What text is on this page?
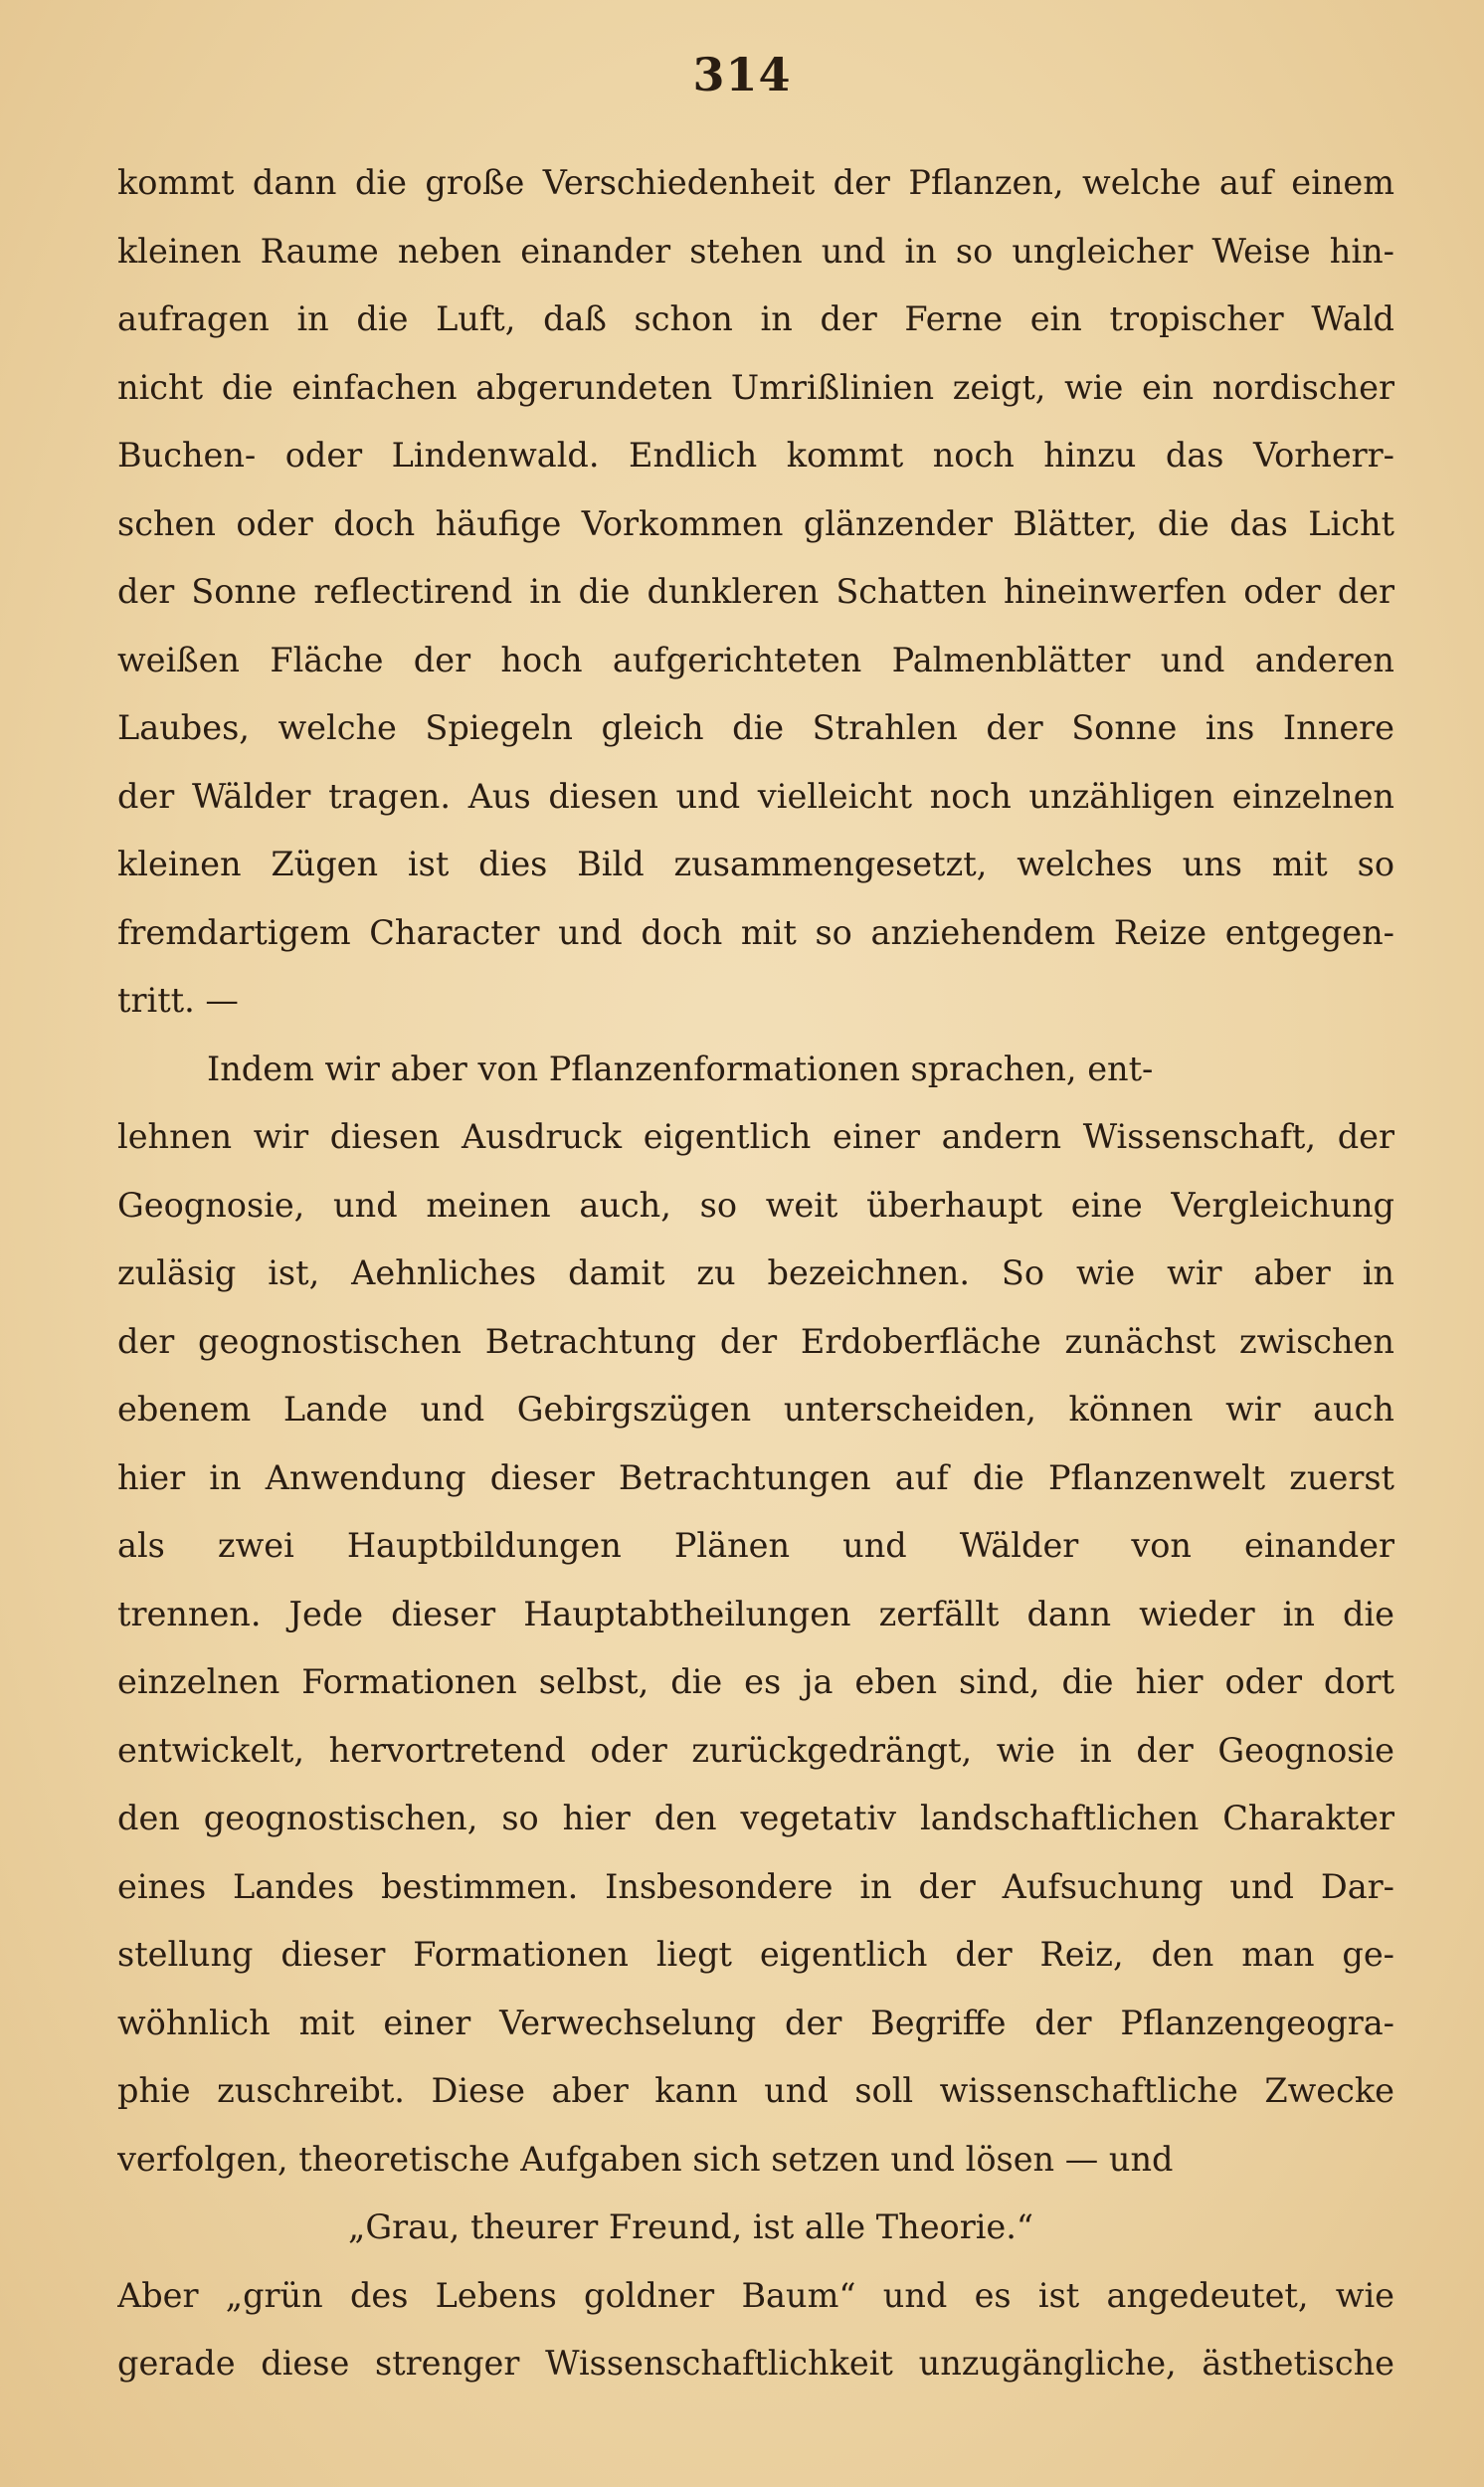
314
kommt dann die große Verschiedenheit der Pflanzen, welche auf einem
kleinen Raume neben einander stehen und in so ungleicher Weise hin-
aufragen in die Luft, daß schon in der Ferne ein tropischer Wald
nicht die einfachen abgerundeten Umrißlinien zeigt, wie ein nordischer
Buchen- oder Lindenwald. Endlich kommt noch hinzu das Vorherr-
schen oder doch häufige Vorkommen glänzender Blätter, die das Licht
der Sonne reflectirend in die dunkleren Schatten hineinwerfen oder der
weißen Fläche der hoch aufgerichteten Palmenblätter und anderen
Laubes, welche Spiegeln gleich die Strahlen der Sonne ins Innere
der Wälder tragen. Aus diesen und vielleicht noch unzähligen einzelnen
kleinen Zügen ist dies Bild zusammengesetzt, welches uns mit so
fremdartigem Character und doch mit so anziehendem Reize entgegen-
tritt. —
Indem wir aber von Pflanzenformationen sprachen, ent-
lehnen wir diesen Ausdruck eigentlich einer andern Wissenschaft, der
Geognosie, und meinen auch, so weit überhaupt eine Vergleichung
zuläsig ist, Aehnliches damit zu bezeichnen. So wie wir aber in
der geognostischen Betrachtung der Erdoberfläche zunächst zwischen
ebenem Lande und Gebirgszügen unterscheiden, können wir auch
hier in Anwendung dieser Betrachtungen auf die Pflanzenwelt zuerst
als zwei Hauptbildungen Plänen und Wälder von einander
trennen. Jede dieser Hauptabtheilungen zerfällt dann wieder in die
einzelnen Formationen selbst, die es ja eben sind, die hier oder dort
entwickelt, hervortretend oder zurückgedrängt, wie in der Geognosie
den geognostischen, so hier den vegetativ landschaftlichen Charakter
eines Landes bestimmen. Insbesondere in der Aufsuchung und Dar-
stellung dieser Formationen liegt eigentlich der Reiz, den man ge-
wöhnlich mit einer Verwechselung der Begriffe der Pflanzengeogra-
phie zuschreibt. Diese aber kann und soll wissenschaftliche Zwecke
verfolgen, theoretische Aufgaben sich setzen und lösen — und
„Grau, theurer Freund, ist alle Theorie.“
Aber „grün des Lebens goldner Baum“ und es ist angedeutet, wie
gerade diese strenger Wissenschaftlichkeit unzugängliche, ästhetische
